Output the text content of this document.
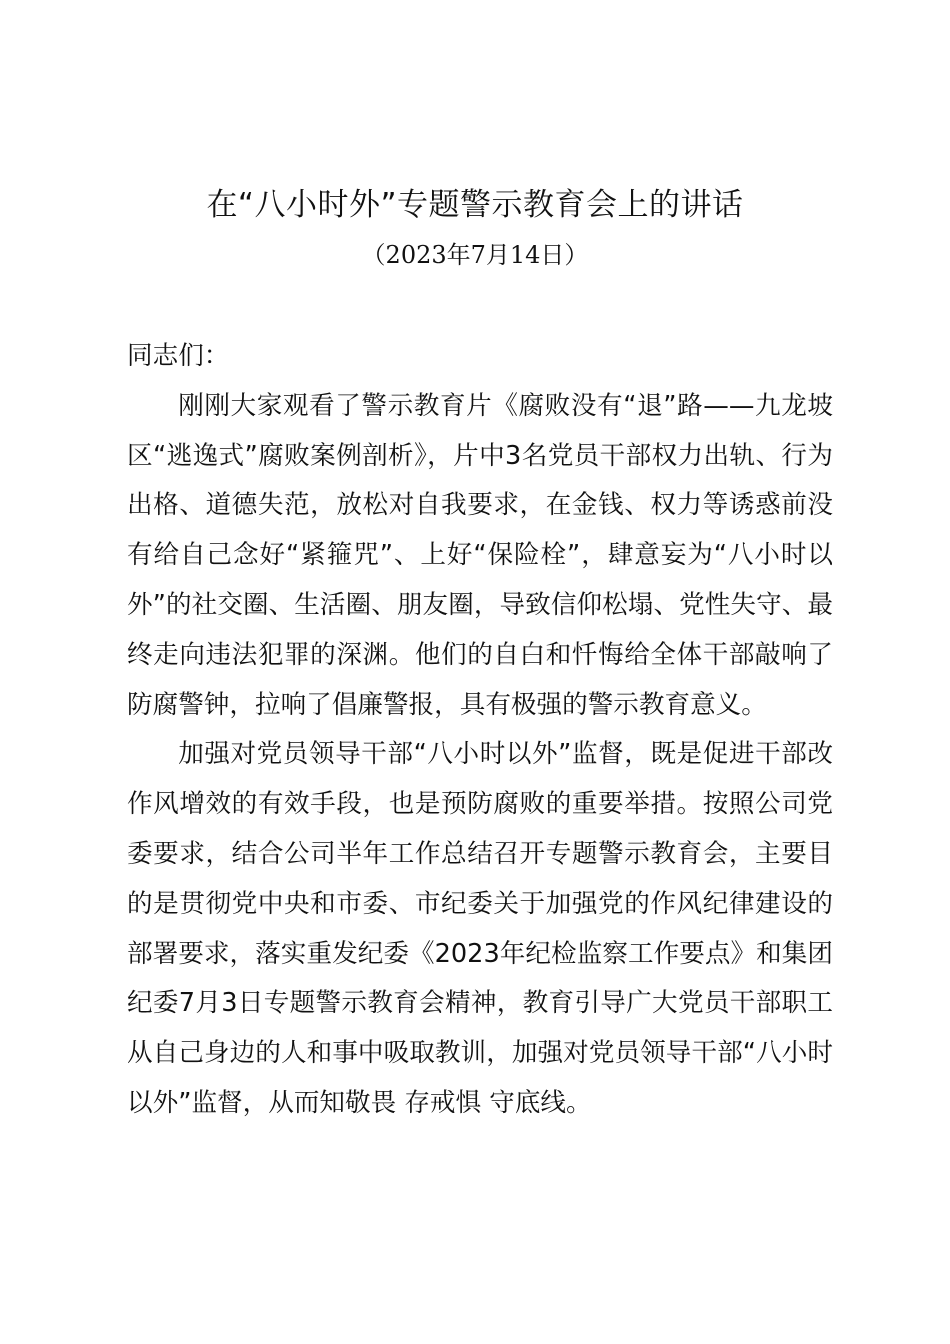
在“八小时外”专题警示教育会上的讲话
（2023年7月14日）

同志们：

刚刚大家观看了警示教育片《腐败没有“退”路——九龙坡区“逃逸式”腐败案例剖析》，片中3名党员干部权力出轨、行为出格、道德失范，放松对自我要求，在金钱、权力等诱惑前没有给自己念好“紧箍咒”、上好“保险栓”，肆意妄为“八小时以外”的社交圈、生活圈、朋友圈，导致信仰松塌、党性失守、最终走向违法犯罪的深渊。他们的自白和忏悔给全体干部敲响了防腐警钟，拉响了倡廉警报，具有极强的警示教育意义。

加强对党员领导干部“八小时以外”监督，既是促进干部改作风增效的有效手段，也是预防腐败的重要举措。按照公司党委要求，结合公司半年工作总结召开专题警示教育会，主要目的是贯彻党中央和市委、市纪委关于加强党的作风纪律建设的部署要求，落实重发纪委《2023年纪检监察工作要点》和集团纪委7月3日专题警示教育会精神，教育引导广大党员干部职工从自己身边的人和事中吸取教训，加强对党员领导干部“八小时以外”监督，从而知敬畏 存戒惧 守底线。
